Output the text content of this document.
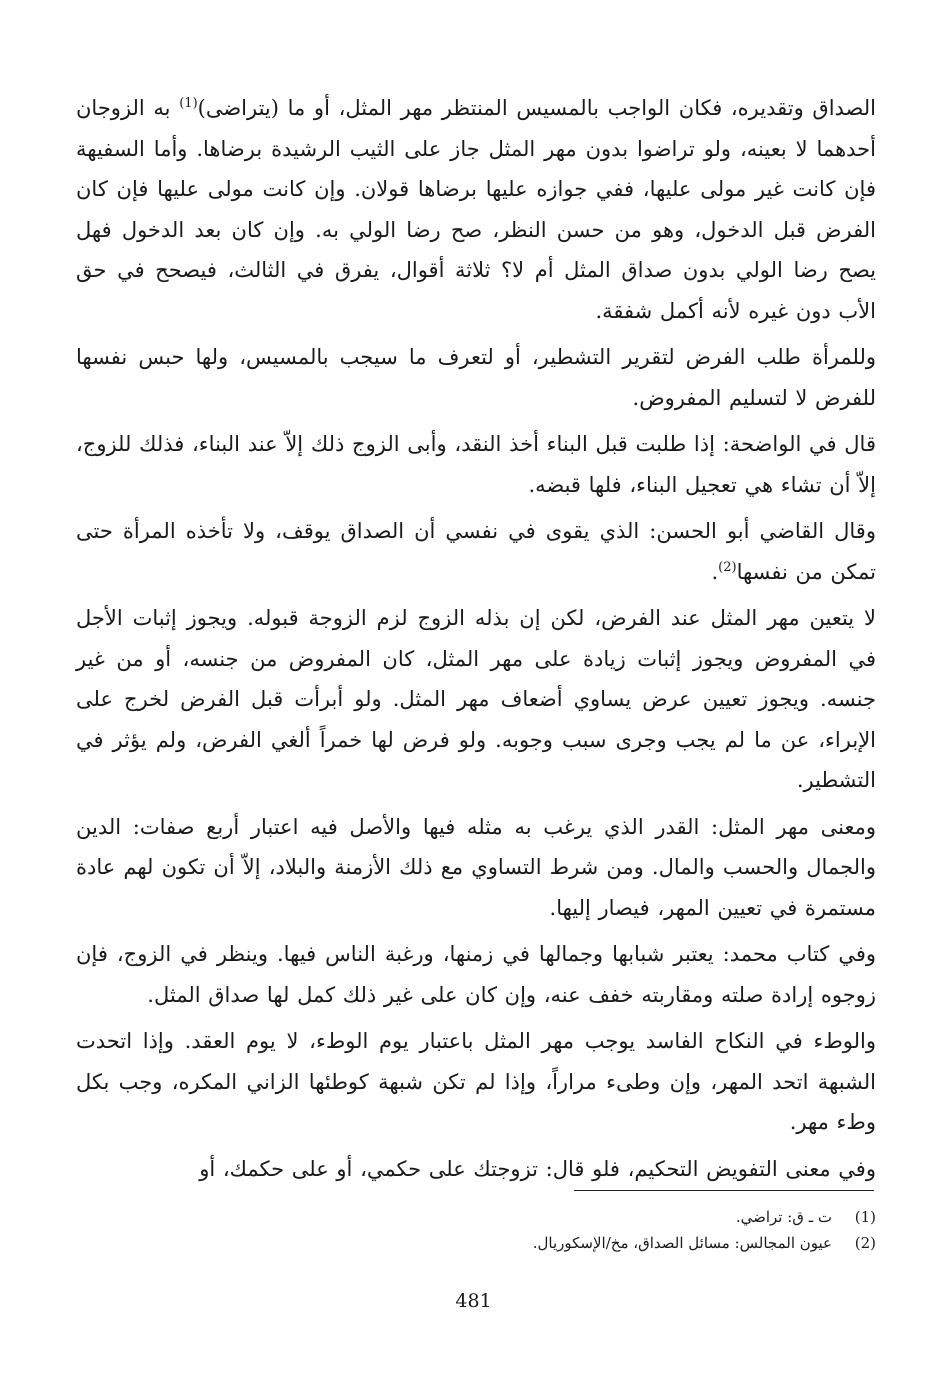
الصداق وتقديره، فكان الواجب بالمسيس المنتظر مهر المثل، أو ما (يتراضى)$^{(1)}$ به الزوجان أحدهما لا بعينه، ولو تراضوا بدون مهر المثل جاز على الثيب الرشيدة برضاها. وأما السفيهة فإن كانت غير مولى عليها، ففي جوازه عليها برضاها قولان. وإن كانت مولى عليها فإن كان الفرض قبل الدخول، وهو من حسن النظر، صح رضا الولي به. وإن كان بعد الدخول فهل يصح رضا الولي بدون صداق المثل أم لا؟ ثلاثة أقوال، يفرق في الثالث، فيصحح في حق الأب دون غيره لأنه أكمل شفقة.

وللمرأة طلب الفرض لتقرير التشطير، أو لتعرف ما سيجب بالمسيس، ولها حبس نفسها للفرض لا لتسليم المفروض.

قال في الواضحة: إذا طلبت قبل البناء أخذ النقد، وأبى الزوج ذلك إلاّ عند البناء، فذلك للزوج، إلاّ أن تشاء هي تعجيل البناء، فلها قبضه.

وقال القاضي أبو الحسن: الذي يقوى في نفسي أن الصداق يوقف، ولا تأخذه المرأة حتى تمكن من نفسها$^{(2)}$.

لا يتعين مهر المثل عند الفرض، لكن إن بذله الزوج لزم الزوجة قبوله. ويجوز إثبات الأجل في المفروض ويجوز إثبات زيادة على مهر المثل، كان المفروض من جنسه، أو من غير جنسه. ويجوز تعيين عرض يساوي أضعاف مهر المثل. ولو أبرأت قبل الفرض لخرج على الإبراء، عن ما لم يجب وجرى سبب وجوبه. ولو فرض لها خمراً ألغي الفرض، ولم يؤثر في التشطير.

ومعنى مهر المثل: القدر الذي يرغب به مثله فيها والأصل فيه اعتبار أربع صفات: الدين والجمال والحسب والمال. ومن شرط التساوي مع ذلك الأزمنة والبلاد، إلاّ أن تكون لهم عادة مستمرة في تعيين المهر، فيصار إليها.

وفي كتاب محمد: يعتبر شبابها وجمالها في زمنها، ورغبة الناس فيها. وينظر في الزوج، فإن زوجوه إرادة صلته ومقاربته خفف عنه، وإن كان على غير ذلك كمل لها صداق المثل.

والوطء في النكاح الفاسد يوجب مهر المثل باعتبار يوم الوطء، لا يوم العقد. وإذا اتحدت الشبهة اتحد المهر، وإن وطىء مراراً، وإذا لم تكن شبهة كوطئها الزاني المكره، وجب بكل وطء مهر.

وفي معنى التفويض التحكيم، فلو قال: تزوجتك على حكمي، أو على حكمك، أو

(1)
ت ـ ق: تراضي.
(2)
عيون المجالس: مسائل الصداق، مخ/الإسكوريال.
481
